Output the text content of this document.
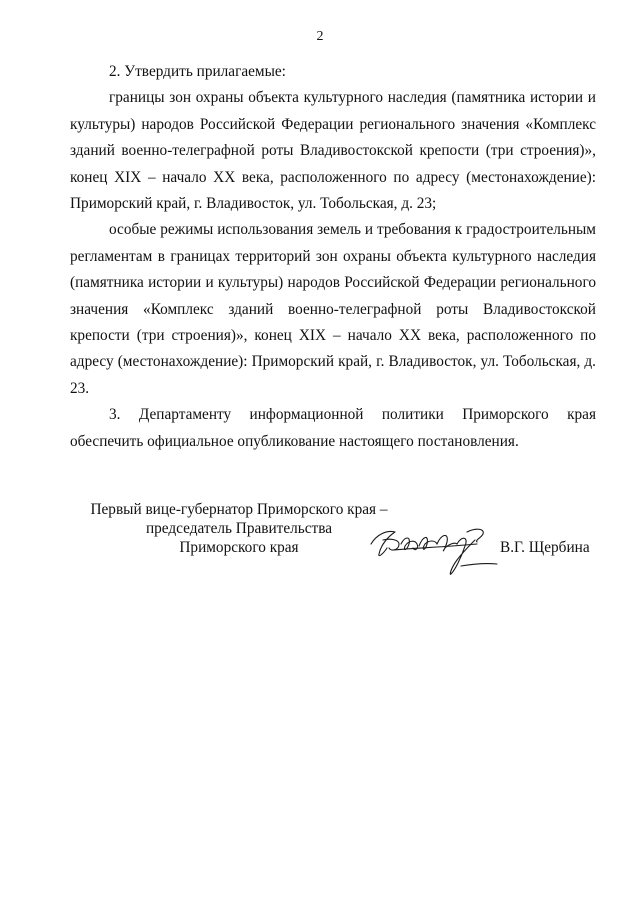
2

2. Утвердить прилагаемые:

границы зон охраны объекта культурного наследия (памятника истории и культуры) народов Российской Федерации регионального значения «Комплекс зданий военно-телеграфной роты Владивостокской крепости (три строения)», конец XIX – начало XX века, расположенного по адресу (местонахождение): Приморский край, г. Владивосток, ул. Тобольская, д. 23;

особые режимы использования земель и требования к градостроительным регламентам в границах территорий зон охраны объекта культурного наследия (памятника истории и культуры) народов Российской Федерации регионального значения «Комплекс зданий военно-телеграфной роты Владивостокской крепости (три строения)», конец XIX – начало XX века, расположенного по адресу (местонахождение): Приморский край, г. Владивосток, ул. Тобольская, д. 23.

3. Департаменту информационной политики Приморского края обеспечить официальное опубликование настоящего постановления.

Первый вице-губернатор Приморского края –
председатель Правительства
Приморского края	В.Г. Щербина
